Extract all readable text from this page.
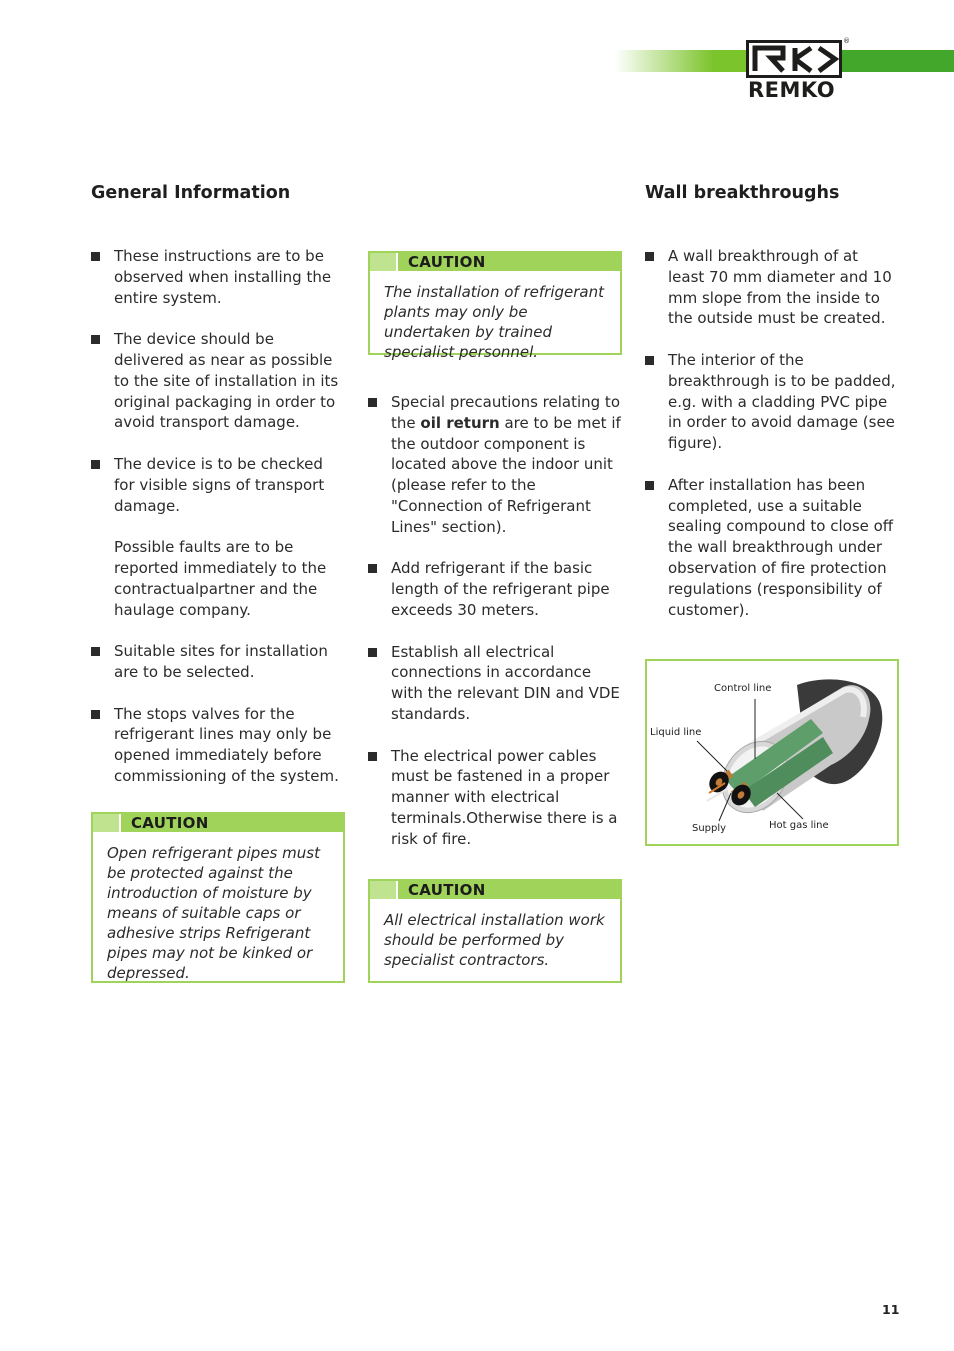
®
REMKO
General Information

These instructions are to be observed when installing the entire system.

The device should be delivered as near as possible to the site of installation in its original packaging in order to avoid transport damage.

The device is to be checked for visible signs of transport damage.

Possible faults are to be reported immediately to the contractualpartner and the haulage company.

Suitable sites for installation are to be selected.

The stops valves for the refrigerant lines may only be opened immediately before commissioning of the system.

CAUTION

Open refrigerant pipes must be protected against the introduction of moisture by means of suitable caps or adhesive strips Refrigerant pipes may not be kinked or depressed.

CAUTION

The installation of refrigerant plants may only be undertaken by trained specialist personnel.

Special precautions relating to the oil return are to be met if the outdoor component is located above the indoor unit (please refer to the "Connection of Refrigerant Lines" section).

Add refrigerant if the basic length of the refrigerant pipe exceeds 30 meters.

Establish all electrical connections in accordance with the relevant DIN and VDE standards.

The electrical power cables must be fastened in a proper manner with electrical terminals.Otherwise there is a risk of fire.

CAUTION

All electrical installation work should be performed by specialist contractors.

Wall breakthroughs

A wall breakthrough of at least 70 mm diameter and 10 mm slope from the inside to the outside must be created.

The interior of the breakthrough is to be padded, e.g. with a cladding PVC pipe in order to avoid damage (see figure).

After installation has been completed, use a suitable sealing compound to close off the wall breakthrough under observation of fire protection regulations (responsibility of customer).

Control line
Liquid line
Supply	Hot gas line
11
